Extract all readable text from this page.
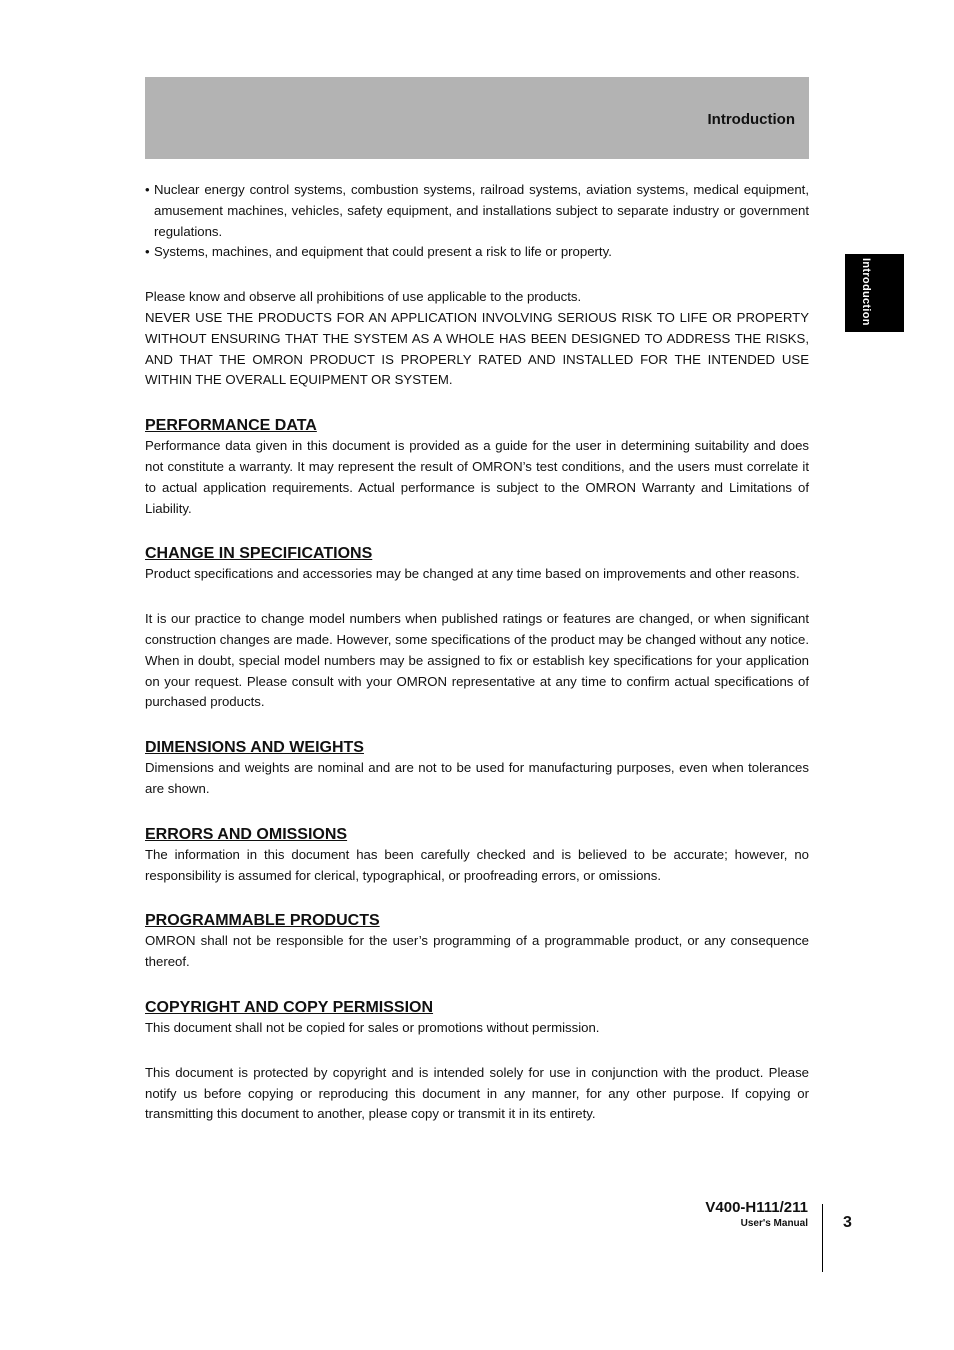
Introduction
Introduction
• Nuclear energy control systems, combustion systems, railroad systems, aviation systems, medical equipment, amusement machines, vehicles, safety equipment, and installations subject to separate industry or government regulations.
• Systems, machines, and equipment that could present a risk to life or property.

Please know and observe all prohibitions of use applicable to the products.

NEVER USE THE PRODUCTS FOR AN APPLICATION INVOLVING SERIOUS RISK TO LIFE OR PROPERTY WITHOUT ENSURING THAT THE SYSTEM AS A WHOLE HAS BEEN DESIGNED TO ADDRESS THE RISKS, AND THAT THE OMRON PRODUCT IS PROPERLY RATED AND INSTALLED FOR THE INTENDED USE WITHIN THE OVERALL EQUIPMENT OR SYSTEM.

PERFORMANCE DATA

Performance data given in this document is provided as a guide for the user in determining suitability and does not constitute a warranty. It may represent the result of OMRON’s test conditions, and the users must correlate it to actual application requirements. Actual performance is subject to the OMRON Warranty and Limitations of Liability.

CHANGE IN SPECIFICATIONS

Product specifications and accessories may be changed at any time based on improvements and other reasons.

It is our practice to change model numbers when published ratings or features are changed, or when significant construction changes are made. However, some specifications of the product may be changed without any notice. When in doubt, special model numbers may be assigned to fix or establish key specifications for your application on your request. Please consult with your OMRON representative at any time to confirm actual specifications of purchased products.

DIMENSIONS AND WEIGHTS

Dimensions and weights are nominal and are not to be used for manufacturing purposes, even when tolerances are shown.

ERRORS AND OMISSIONS

The information in this document has been carefully checked and is believed to be accurate; however, no responsibility is assumed for clerical, typographical, or proofreading errors, or omissions.

PROGRAMMABLE PRODUCTS

OMRON shall not be responsible for the user’s programming of a programmable product, or any consequence thereof.

COPYRIGHT AND COPY PERMISSION

This document shall not be copied for sales or promotions without permission.

This document is protected by copyright and is intended solely for use in conjunction with the product. Please notify us before copying or reproducing this document in any manner, for any other purpose. If copying or transmitting this document to another, please copy or transmit it in its entirety.

V400-H111/211
User's Manual 3
